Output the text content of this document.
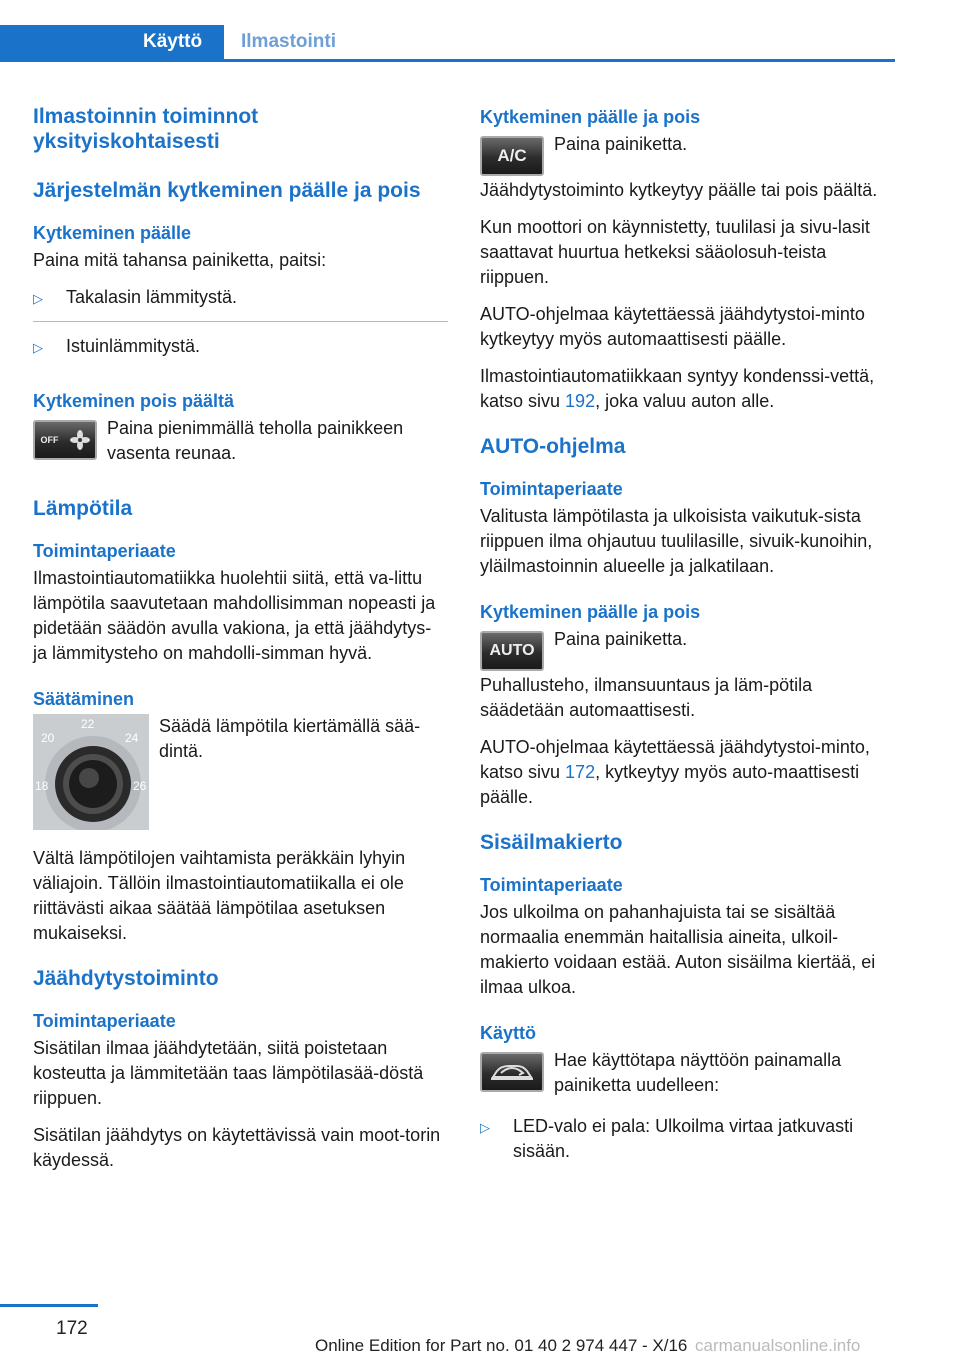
Käyttö	Ilmastointi
Ilmastoinnin toiminnot yksityiskohtaisesti
Järjestelmän kytkeminen päälle ja pois
Kytkeminen päälle
Paina mitä tahansa painiketta, paitsi:
▷	Takalasin lämmitystä.
▷	Istuinlämmitystä.
Kytkeminen pois päältä
OFF
Paina pienimmällä teholla painikkeen vasenta reunaa.
Lämpötila
Toimintaperiaate
Ilmastointiautomatiikka huolehtii siitä, että va-littu lämpötila saavutetaan mahdollisimman nopeasti ja pidetään säädön avulla vakiona, ja että jäähdytys- ja lämmitysteho on mahdolli-simman hyvä.
Säätäminen
18
20
22
24
26
Säädä lämpötila kiertämällä sää-dintä.
Vältä lämpötilojen vaihtamista peräkkäin lyhyin väliajoin. Tällöin ilmastointiautomatiikalla ei ole riittävästi aikaa säätää lämpötilaa asetuksen mukaiseksi.
Jäähdytystoiminto
Toimintaperiaate
Sisätilan ilmaa jäähdytetään, siitä poistetaan kosteutta ja lämmitetään taas lämpötilasää-döstä riippuen.
Sisätilan jäähdytys on käytettävissä vain moot-torin käydessä.
Kytkeminen päälle ja pois
A/C
Paina painiketta.
Jäähdytystoiminto kytkeytyy päälle tai pois päältä.
Kun moottori on käynnistetty, tuulilasi ja sivu-lasit saattavat huurtua hetkeksi sääolosuh-teista riippuen.
AUTO-ohjelmaa käytettäessä jäähdytystoi-minto kytkeytyy myös automaattisesti päälle.
Ilmastointiautomatiikkaan syntyy kondenssi-vettä, katso sivu 192, joka valuu auton alle.
AUTO-ohjelma
Toimintaperiaate
Valitusta lämpötilasta ja ulkoisista vaikutuk-sista riippuen ilma ohjautuu tuulilasille, sivuik-kunoihin, yläilmastoinnin alueelle ja jalkatilaan.
Kytkeminen päälle ja pois
AUTO
Paina painiketta.
Puhallusteho, ilmansuuntaus ja läm-pötila säädetään automaattisesti.
AUTO-ohjelmaa käytettäessä jäähdytystoi-minto, katso sivu 172, kytkeytyy myös auto-maattisesti päälle.
Sisäilmakierto
Toimintaperiaate
Jos ulkoilma on pahanhajuista tai se sisältää normaalia enemmän haitallisia aineita, ulkoil-makierto voidaan estää. Auton sisäilma kiertää, ei ilmaa ulkoa.
Käyttö
Hae käyttötapa näyttöön painamalla painiketta uudelleen:
▷	LED-valo ei pala: Ulkoilma virtaa jatkuvasti sisään.
172
Online Edition for Part no. 01 40 2 974 447 - X/16 carmanualsonline.info
